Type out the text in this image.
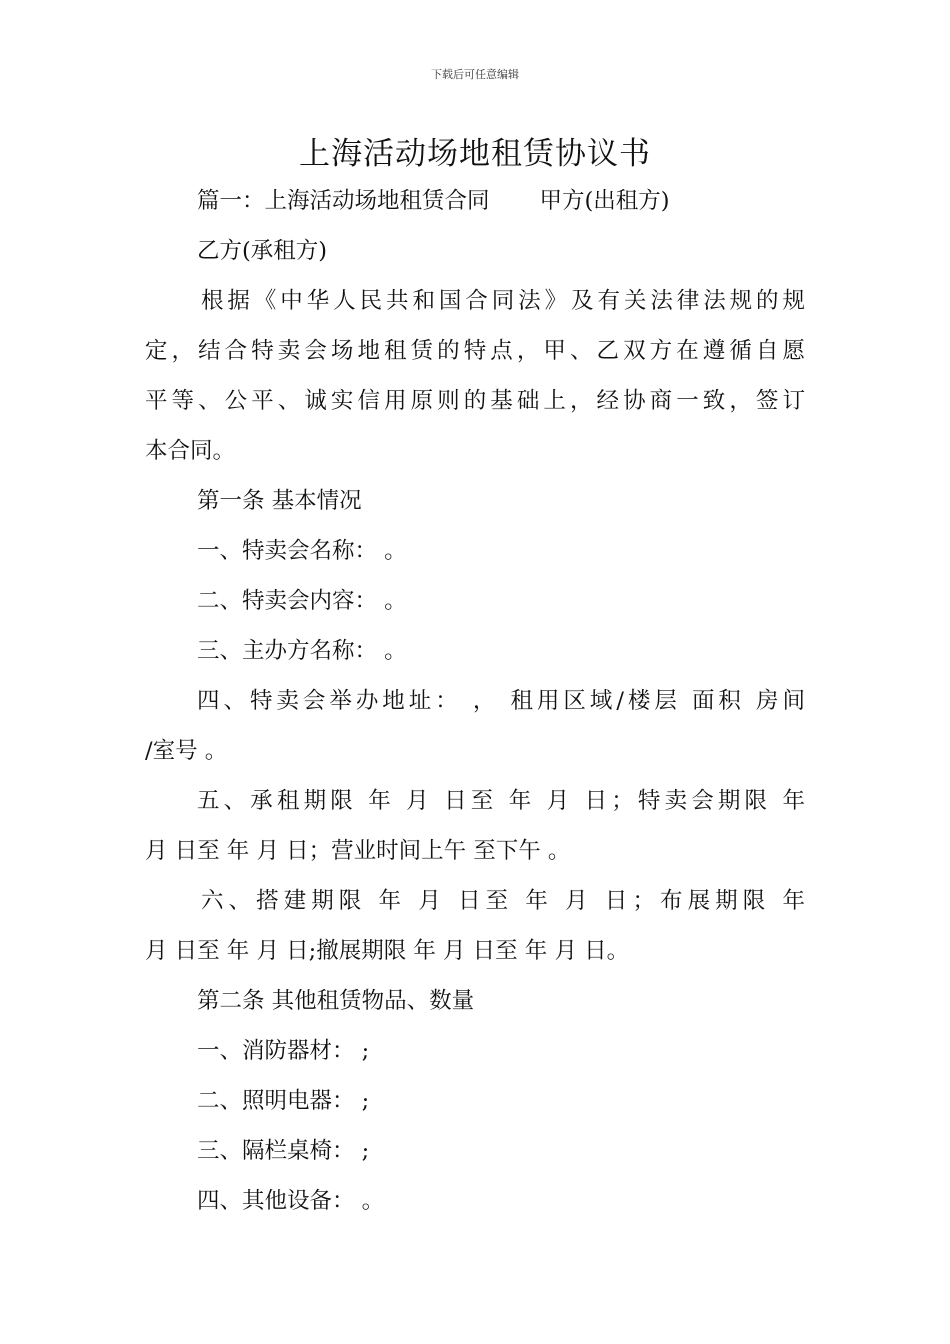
下载后可任意编辑
上海活动场地租赁协议书
篇一：上海活动场地租赁合同 甲方(出租方)
乙方(承租方)
根据《中华人民共和国合同法》及有关法律法规的规
定，结合特卖会场地租赁的特点，甲、乙双方在遵循自愿
平等、公平、诚实信用原则的基础上，经协商一致，签订
本合同。
第一条 基本情况
一、特卖会名称： 。
二、特卖会内容： 。
三、主办方名称： 。
四、特卖会举办地址： ， 租用区域/楼层 面积 房间
/室号 。
五、承租期限 年 月 日至 年 月 日；特卖会期限 年
月 日至 年 月 日；营业时间上午 至下午 。
六、搭建期限 年 月 日至 年 月 日；布展期限 年
月 日至 年 月 日;撤展期限 年 月 日至 年 月 日。
第二条 其他租赁物品、数量
一、消防器材： ;
二、照明电器： ;
三、隔栏桌椅： ;
四、其他设备： 。
